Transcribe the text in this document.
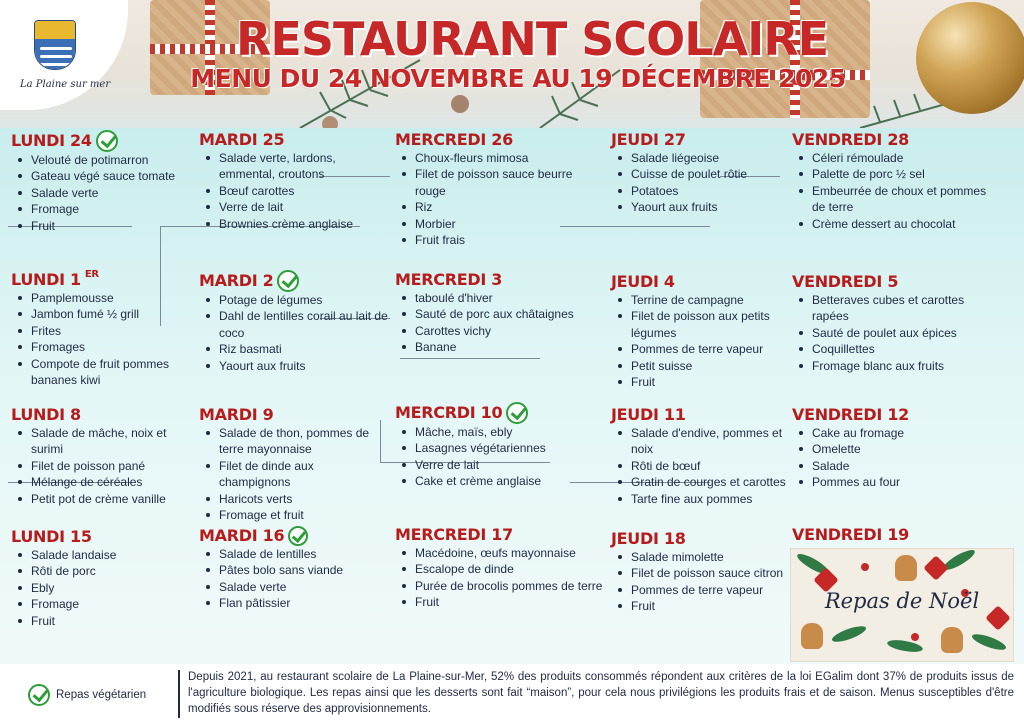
La Plaine sur mer
RESTAURANT SCOLAIRE
MENU DU 24 NOVEMBRE AU 19 DÉCEMBRE 2025
LUNDI 24
Velouté de potimarron
Gateau végé sauce tomate
Salade verte
Fromage
Fruit
MARDI 25
Salade verte, lardons, emmental, croutons
Bœuf carottes
Verre de lait
Brownies crème anglaise
MERCREDI 26
Choux-fleurs mimosa
Filet de poisson sauce beurre rouge
Riz
Morbier
Fruit frais
JEUDI 27
Salade liégeoise
Cuisse de poulet rôtie
Potatoes
Yaourt aux fruits
VENDREDI 28
Céleri rémoulade
Palette de porc ½ sel
Embeurrée de choux et pommes de terre
Crème dessert au chocolat
LUNDI 1 $^{ER}$
Pamplemousse
Jambon fumé ½ grill
Frites
Fromages
Compote de fruit pommes bananes kiwi
MARDI 2
Potage de légumes
Dahl de lentilles corail au lait de coco
Riz basmati
Yaourt aux fruits
MERCREDI 3
taboulé d'hiver
Sauté de porc aux châtaignes
Carottes vichy
Banane
JEUDI 4
Terrine de campagne
Filet de poisson aux petits légumes
Pommes de terre vapeur
Petit suisse
Fruit
VENDREDI 5
Betteraves cubes et carottes rapées
Sauté de poulet aux épices
Coquillettes
Fromage blanc aux fruits
LUNDI 8
Salade de mâche, noix et surimi
Filet de poisson pané
Mélange de céréales
Petit pot de crème vanille
MARDI 9
Salade de thon, pommes de terre mayonnaise
Filet de dinde aux champignons
Haricots verts
Fromage et fruit
MERCRDI 10
Mâche, maïs, ebly
Lasagnes végétariennes
Verre de lait
Cake et crème anglaise
JEUDI 11
Salade d'endive, pommes et noix
Rôti de bœuf
Gratin de courges et carottes
Tarte fine aux pommes
VENDREDI 12
Cake au fromage
Omelette
Salade
Pommes au four
LUNDI 15
Salade landaise
Rôti de porc
Ebly
Fromage
Fruit
MARDI 16
Salade de lentilles
Pâtes bolo sans viande
Salade verte
Flan pâtissier
MERCREDI 17
Macédoine, œufs mayonnaise
Escalope de dinde
Purée de brocolis pommes de terre
Fruit
JEUDI 18
Salade mimolette
Filet de poisson sauce citron
Pommes de terre vapeur
Fruit
VENDREDI 19
Repas de Noël
Repas végétarien
Depuis 2021, au restaurant scolaire de La Plaine-sur-Mer, 52% des produits consommés répondent aux critères de la loi EGalim dont 37% de produits issus de l'agriculture biologique. Les repas ainsi que les desserts sont fait “maison”, pour cela nous privilégions les produits frais et de saison. Menus susceptibles d'être modifiés sous réserve des approvisionnements.
